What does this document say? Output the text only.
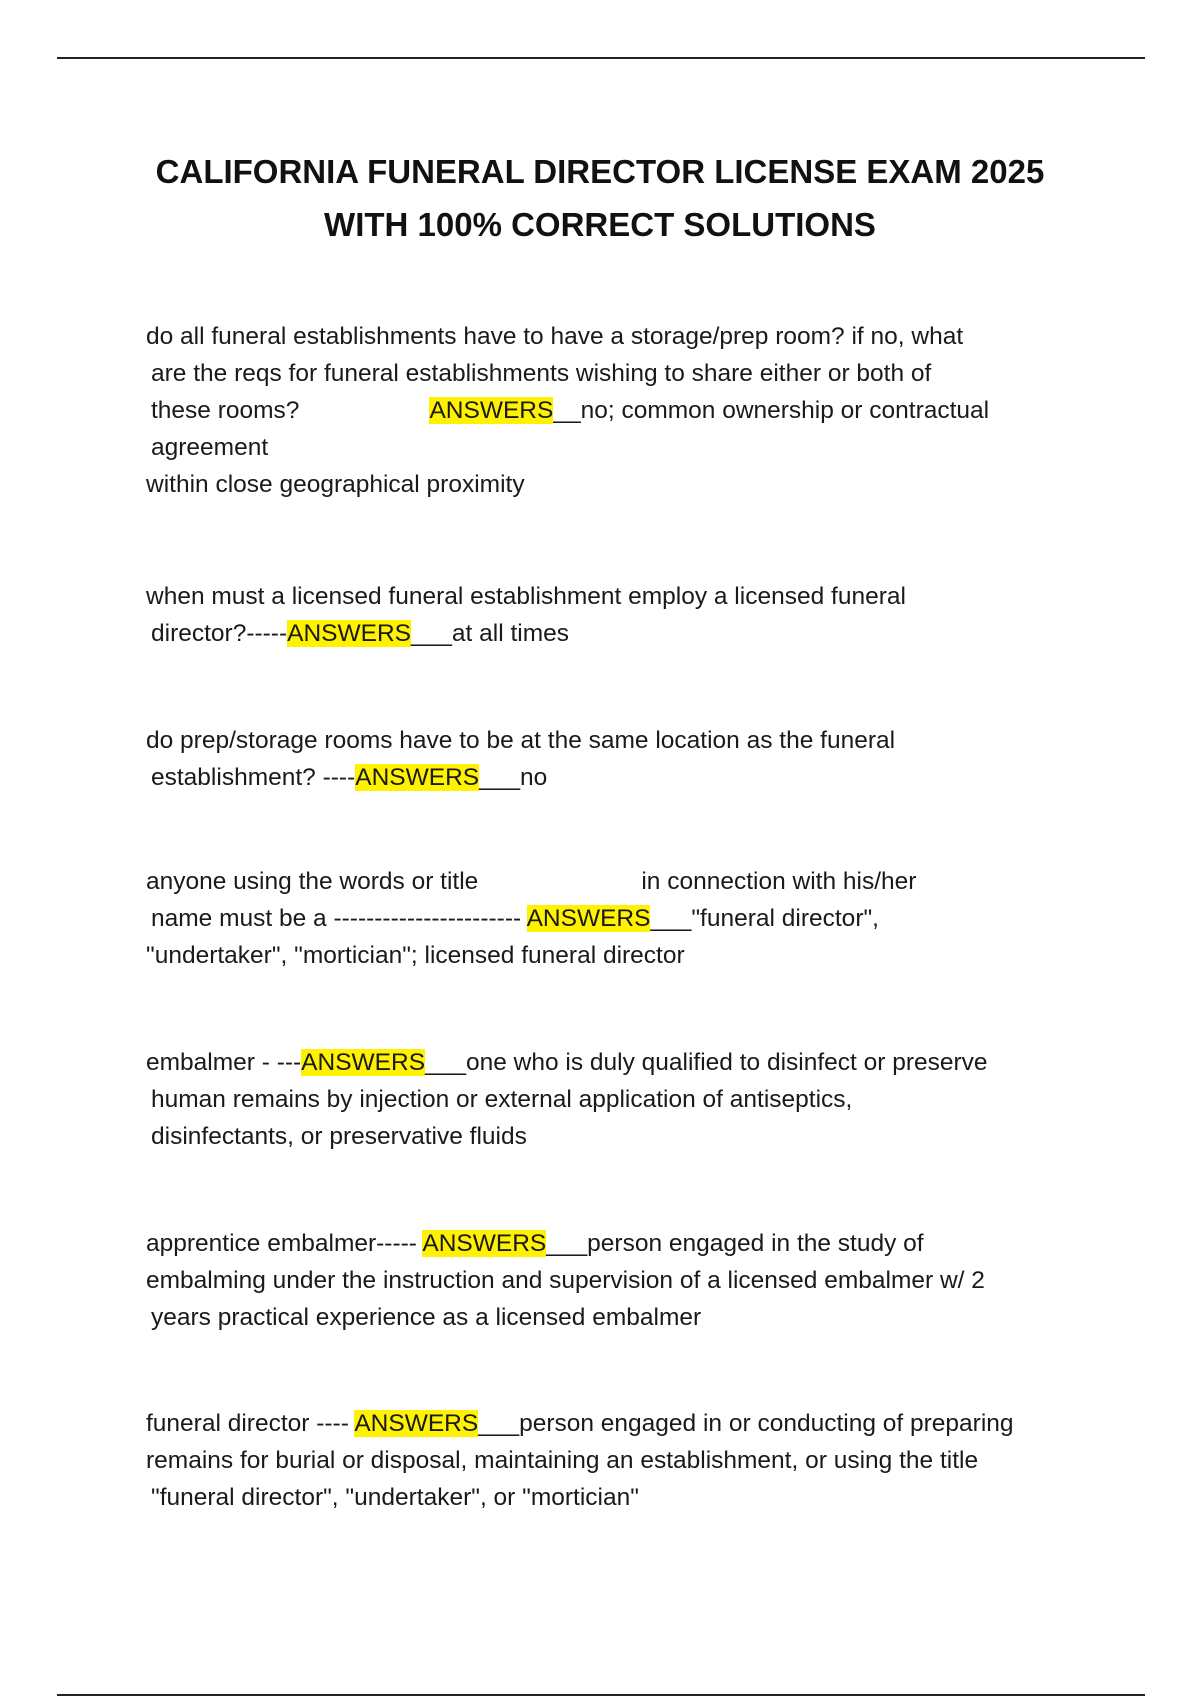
CALIFORNIA FUNERAL DIRECTOR LICENSE EXAM 2025
WITH 100% CORRECT SOLUTIONS
do all funeral establishments have to have a storage/prep room? if no, what
are the reqs for funeral establishments wishing to share either or both of
these rooms?	ANSWERS__no; common ownership or contractual
agreement
within close geographical proximity
when must a licensed funeral establishment employ a licensed funeral
director?-----ANSWERS___at all times
do prep/storage rooms have to be at the same location as the funeral
establishment? ----ANSWERS___no
anyone using the words or title	in connection with his/her
name must be a ----------------------- ANSWERS___"funeral director",
"undertaker", "mortician"; licensed funeral director
embalmer - ---ANSWERS___one who is duly qualified to disinfect or preserve
human remains by injection or external application of antiseptics,
disinfectants, or preservative fluids
apprentice embalmer----- ANSWERS___person engaged in the study of
embalming under the instruction and supervision of a licensed embalmer w/ 2
years practical experience as a licensed embalmer
funeral director ---- ANSWERS___person engaged in or conducting of preparing
remains for burial or disposal, maintaining an establishment, or using the title
"funeral director", "undertaker", or "mortician"
